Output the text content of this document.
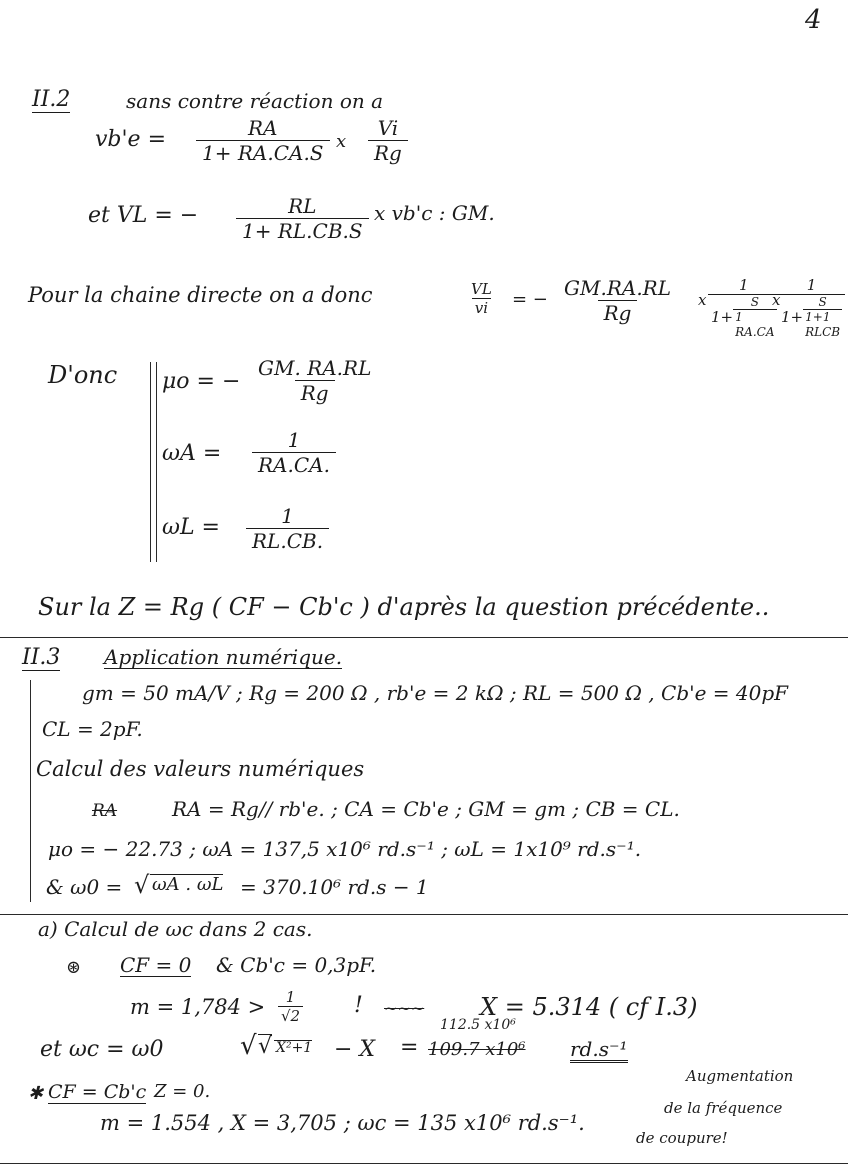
4
II.2	sans contre réaction on a
$vb'e = \frac{RA}{1+ RA.CA.S}$ x $\frac{Vi}{Rg}$
et VL = − $\frac{RL}{1+ RL.CB.S}$ x vb'c : GM.
Pour la chaine directe on a donc	$\frac{VL}{vi}$ = − $\frac{GM.RA.RL}{Rg}$ x
1
1+
S
1
RA.CA
x
1
1+
S
1+1
RLCB
D'onc μo = − $\frac{GM. RA.RL}{Rg}$
$\omega A = \frac{1}{RA.CA.}$
$\omega L = \frac{1}{RL.CB.}$
Sur la Z = Rg ( CF − Cb'c ) d'après la question précédente..
II.3 Application numérique.
gm = 50 mA/V ; Rg = 200 Ω , rb'e = 2 kΩ ; RL = 500 Ω , Cb'e = 40pF
CL = 2pF.
Calcul des valeurs numériques
RA	RA = Rg// rb'e. ; CA = Cb'e ; GM = gm ; CB = CL.
μo = − 22.73 ; ωA = 137,5 x10⁶ rd.s⁻¹ ; ωL = 1x10⁹ rd.s⁻¹.
& ω0 = √ ωA . ωL = 370.10⁶ rd.s − 1
a) Calcul de ωc dans 2 cas.
⊛ CF = 0 & Cb'c = 0,3pF.
$m = 1,784 > \frac{1}{√2}$ ! ~~~ X = 5.314 ( cf I.3)
et ωc = ω0	√ √ X²+1 − X =
112.5 x10⁶
109.7 x10⁶ rd.s⁻¹
✱ CF = Cb'c Z = 0.
m = 1.554 , X = 3,705 ; ωc = 135 x10⁶ rd.s⁻¹.
Augmentation
de la fréquence
de coupure!
